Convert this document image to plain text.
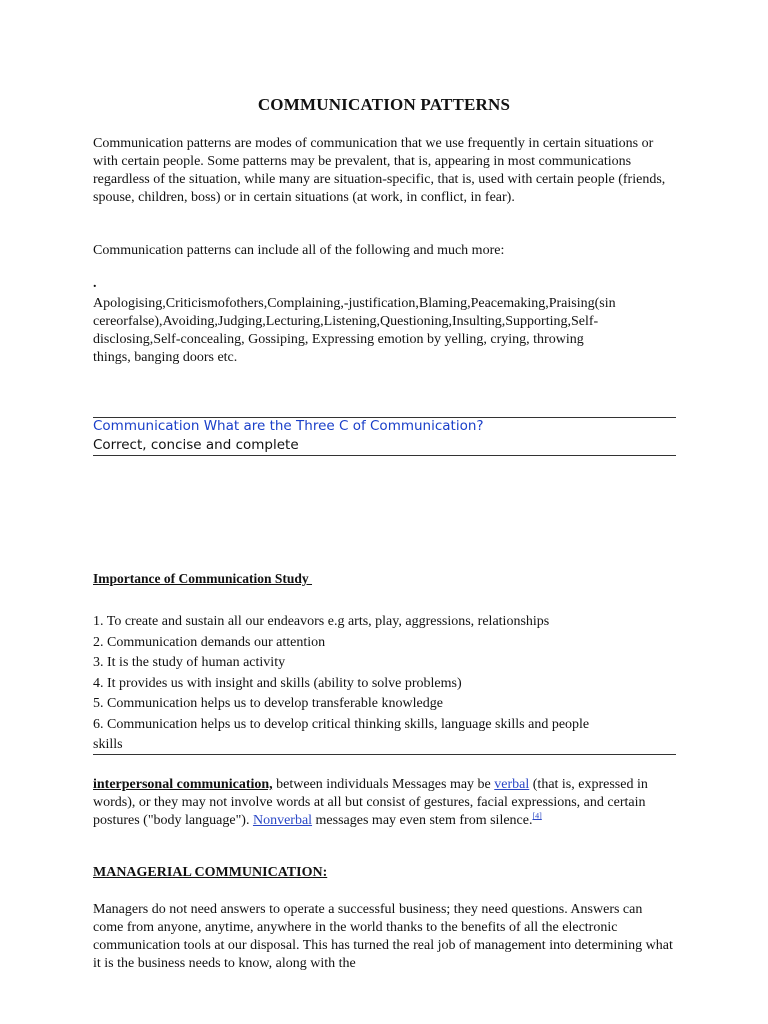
COMMUNICATION PATTERNS

Communication patterns are modes of communication that we use frequently in certain situations or with certain people. Some patterns may be prevalent, that is, appearing in most communications regardless of the situation, while many are situation-specific, that is, used with certain people (friends, spouse, children, boss) or in certain situations (at work, in conflict, in fear).

Communication patterns can include all of the following and much more:

.
Apologising,Criticismofothers,Complaining,-justification,Blaming,Peacemaking,Praising(sin
cereorfalse),Avoiding,Judging,Lecturing,Listening,Questioning,Insulting,Supporting,Self-
disclosing,Self-concealing, Gossiping, Expressing emotion by yelling, crying, throwing
things, banging doors etc.
Communication What are the Three C of Communication?
Correct, concise and complete
Importance of Communication Study
1. To create and sustain all our endeavors e.g arts, play, aggressions, relationships
2. Communication demands our attention
3. It is the study of human activity
4. It provides us with insight and skills (ability to solve problems)
5. Communication helps us to develop transferable knowledge
6. Communication helps us to develop critical thinking skills, language skills and people
skills

interpersonal communication, between individuals Messages may be verbal (that is, expressed in words), or they may not involve words at all but consist of gestures, facial expressions, and certain postures ("body language"). Nonverbal messages may even stem from silence.[4]

MANAGERIAL COMMUNICATION:

Managers do not need answers to operate a successful business; they need questions. Answers can come from anyone, anytime, anywhere in the world thanks to the benefits of all the electronic communication tools at our disposal. This has turned the real job of management into determining what it is the business needs to know, along with the
